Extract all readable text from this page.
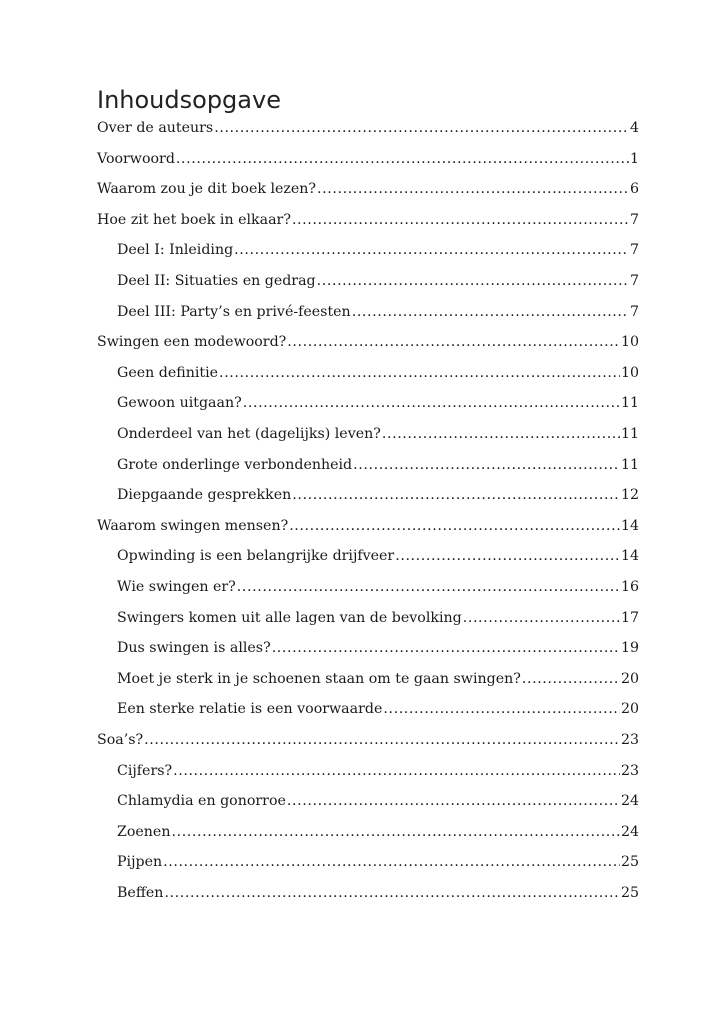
Inhoudsopgave
Over de auteurs .....	4
Voorwoord .....	1
Waarom zou je dit boek lezen? .....	6
Hoe zit het boek in elkaar? .....	7
Deel I: Inleiding .....	7
Deel II: Situaties en gedrag .....	7
Deel III: Party’s en privé-feesten .....	7
Swingen een modewoord? .....	10
Geen definitie .....	10
Gewoon uitgaan? .....	11
Onderdeel van het (dagelijks) leven? .....	11
Grote onderlinge verbondenheid .....	11
Diepgaande gesprekken .....	12
Waarom swingen mensen? .....	14
Opwinding is een belangrijke drijfveer .....	14
Wie swingen er? .....	16
Swingers komen uit alle lagen van de bevolking .....	17
Dus swingen is alles? .....	19
Moet je sterk in je schoenen staan om te gaan swingen? .....	20
Een sterke relatie is een voorwaarde .....	20
Soa’s? .....	23
Cijfers? .....	23
Chlamydia en gonorroe .....	24
Zoenen .....	24
Pijpen .....	25
Beffen .....	25
